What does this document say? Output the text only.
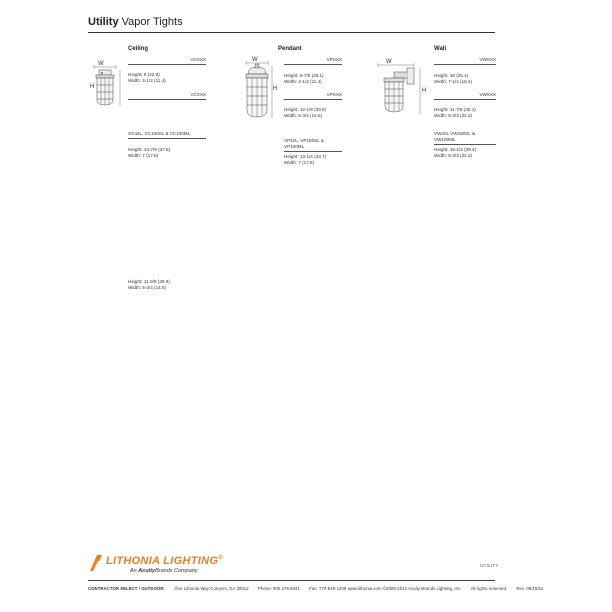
Utility Vapor Tights
Ceiling
W
H
VCSXX
Height: 9 (22.9)
Width: 4-1/2 (11.4)
VCXXX
Height: 11-3/8 (28.9)
Width: 5-3/4 (14.6)
VC42L, VC150SL & VC100ML
Height: 14-7/8 (37.8)
Width: 7 (17.8)
Pendant
W
H
VPSXX
Height: 9-7/8 (25.1)
Width: 4-1/2 (11.4)
VPXXX
Height: 12-1/8 (30.8)
Width: 5-3/4 (14.6)
VP42L, VP150SL & VP100ML
Height: 13-1/4 (33.7)
Width: 7 (17.8)
Wall
W
H
VWSXX
Height: 10 (25.4)
Width: 7-1/4 (18.4)
VWXXX
Height: 11-7/8 (30.1)
Width: 8-3/4 (22.2)
VW42L VW150SL & VW100ML
Height: 15-1/2 (39.4)
Width: 8-3/4 (22.2)
LITHONIA LIGHTING®
An AcuityBrands Company
UTILITY
CONTRACTOR SELECT / OUTDOOR: One Lithonia Way Conyers, GA 30012 Phone: 800.279.8041 Fax: 770-918-1209 www.lithonia.com ©2009-2012 Acuity Brands Lighting, Inc. All rights reserved. Rev. 05/15/12
